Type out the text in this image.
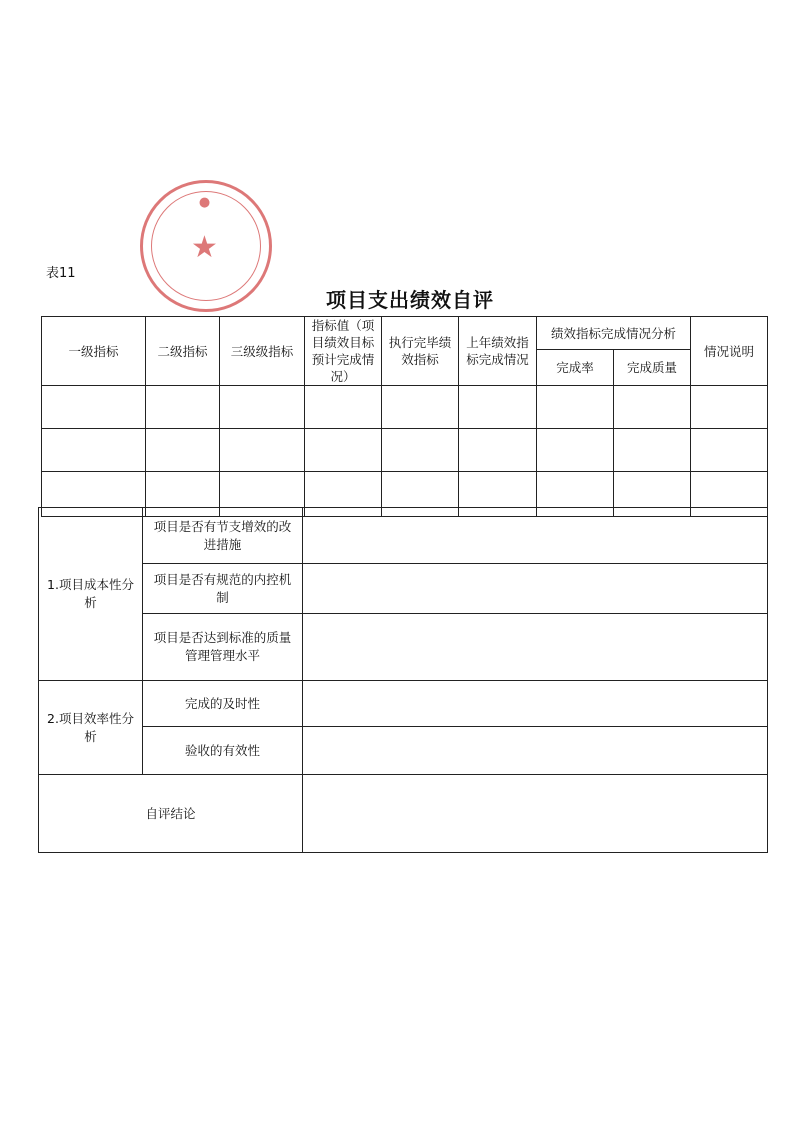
表11
●
★
项目支出绩效自评
一级指标	二级指标	三级级指标	指标值（项目绩效目标预计完成情况）	执行完毕绩效指标	上年绩效指标完成情况	绩效指标完成情况分析		情况说明
						完成率	完成质量	

1.项目成本性分析	项目是否有节支增效的改进措施	
	项目是否有规范的内控机制	
	项目是否达到标准的质量管理管理水平	
2.项目效率性分析	完成的及时性	
	验收的有效性	
自评结论		
